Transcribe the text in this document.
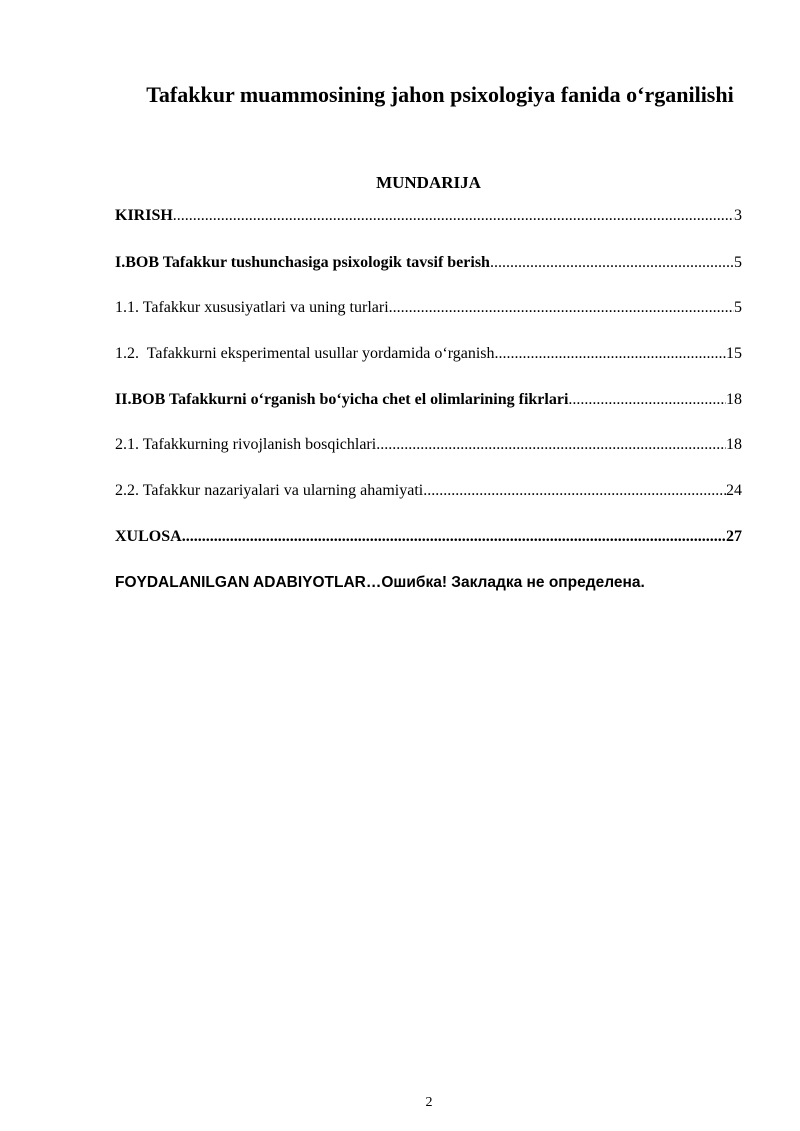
Tafakkur muammosining jahon psixologiya fanida o‘rganilishi
MUNDARIJA
KIRISH .....	3
I.BOB Tafakkur tushunchasiga psixologik tavsif berish .....	5
1.1. Tafakkur xususiyatlari va uning turlari .....	5
1.2.  Tafakkurni eksperimental usullar yordamida o‘rganish .....	15
II.BOB Tafakkurni o‘rganish bo‘yicha chet el olimlarining fikrlari .....	18
2.1. Tafakkurning rivojlanish bosqichlari .....	18
2.2. Tafakkur nazariyalari va ularning ahamiyati .....	24
XULOSA .....	27
FOYDALANILGAN ADABIYOTLAR … Ошибка! Закладка не определена.
2
